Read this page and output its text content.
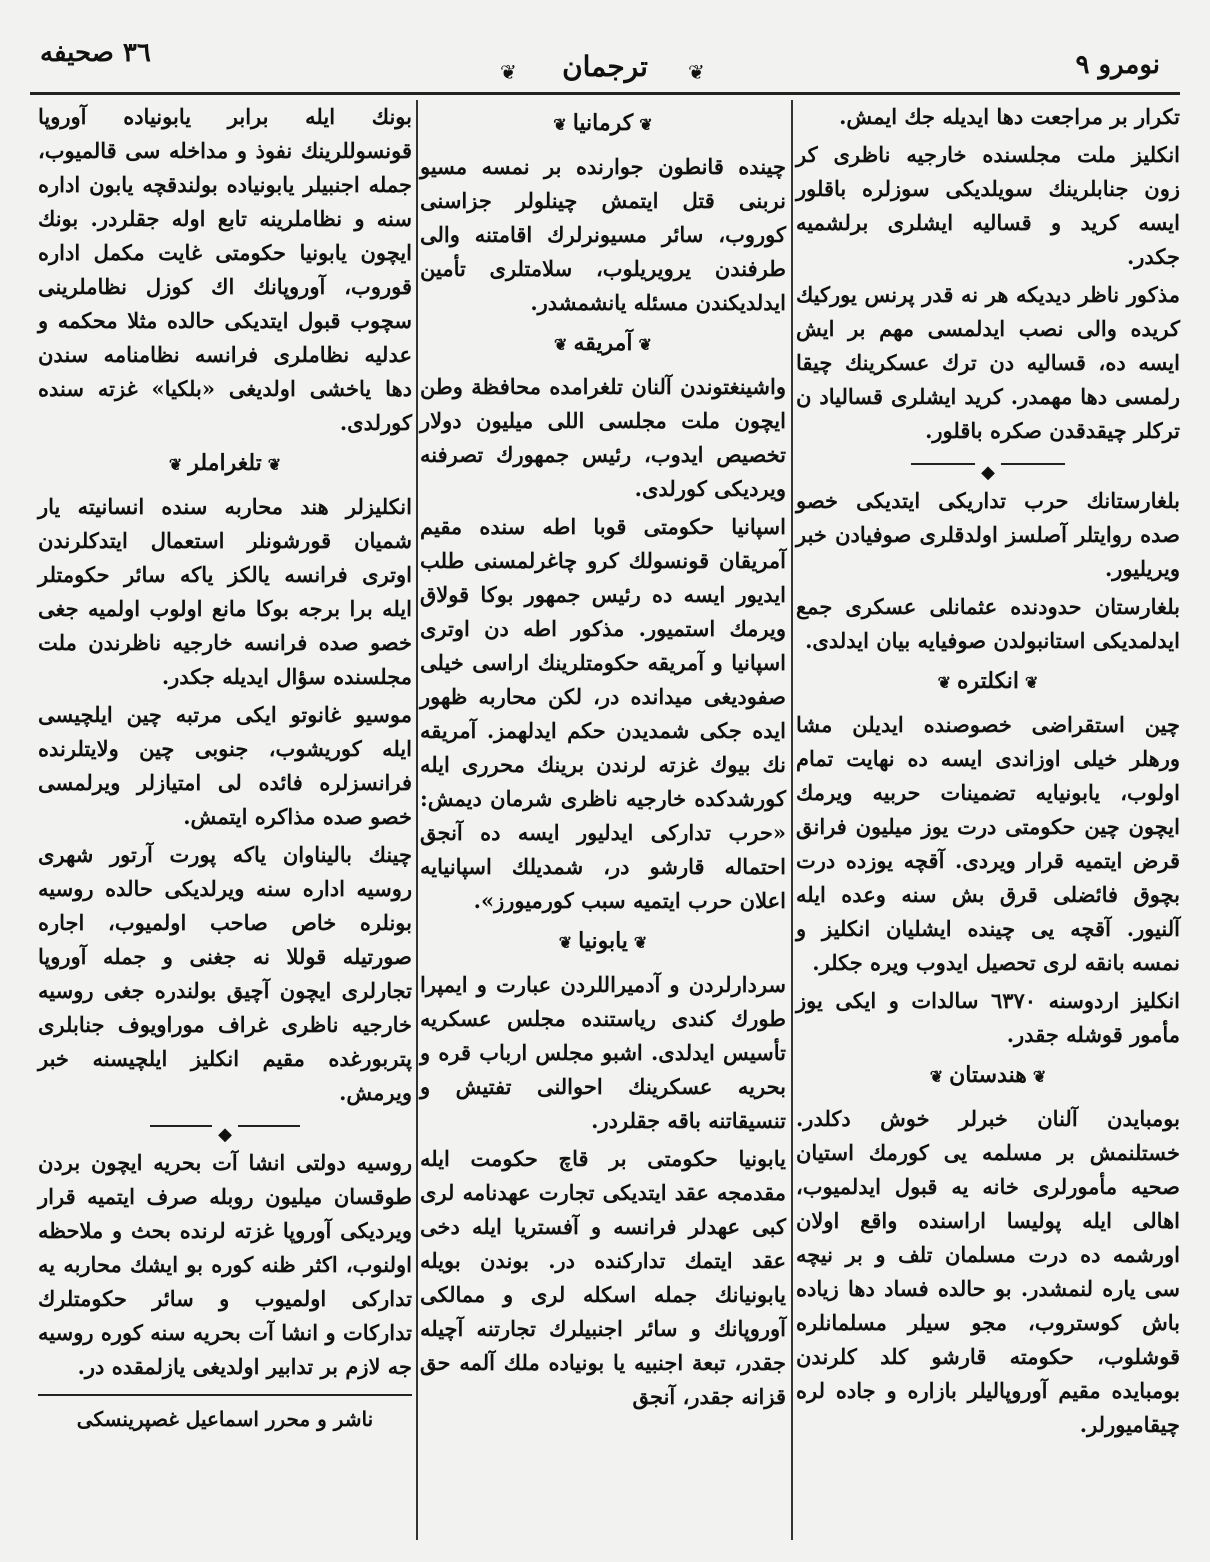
٣٦ صحيفه
❦	ترجمان	❦	نومرو ٩

تكرار بر مراجعت دها ايديله جك ايمش.

انكليز ملت مجلسنده خارجيه ناظرى كر زون جنابلرينك سويلديكى سوزلره باقلور ايسه كريد و قساليه ايشلرى برلشميه جكدر.

مذكور ناظر ديديكه هر نه قدر پرنس يوركيك كريده والى نصب ايدلمسى مهم بر ايش ايسه ده، قساليه دن ترك عسكرينك چيقا رلمسى دها مهمدر. كريد ايشلرى قسالياد ن تركلر چيقدقدن صكره باقلور.

◆

بلغارستانك حرب تداريكى ايتديكى خصو صده روايتلر آصلسز اولدقلرى صوفيادن خبر ويريليور.

بلغارستان حدودنده عثمانلى عسكرى جمع ايدلمديكى استانبولدن صوفيايه بيان ايدلدى.

❦انكلتره❦

چين استقراضى خصوصنده ايديلن مشا ورهلر خيلى اوزاندى ايسه ده نهايت تمام اولوب، يابونيايه تضمينات حربيه ويرمك ايچون چين حكومتى درت يوز ميليون فرانق قرض ايتميه قرار ويردى. آقچه يوزده درت بچوق فائضلى قرق بش سنه وعده ايله آلنيور. آقچه يى چينده ايشليان انكليز و نمسه بانقه لرى تحصيل ايدوب ويره جكلر.

انكليز اردوسنه ٦٣٧٠ سالدات و ايكى يوز مأمور قوشله جقدر.

❦هندستان❦

بومبايدن آلنان خبرلر خوش دكلدر. خستلنمش بر مسلمه يى كورمك استيان صحيه مأمورلرى خانه يه قبول ايدلميوب، اهالى ايله پوليسا اراسنده واقع اولان اورشمه ده درت مسلمان تلف و بر نيچه سى ياره لنمشدر. بو حالده فساد دها زياده باش كوستروب، مجو سيلر مسلمانلره قوشلوب، حكومته قارشو كلد كلرندن بومبايده مقيم آوروپاليلر بازاره و جاده لره چيقاميورلر.

❦كرمانيا❦

چينده قانطون جوارنده بر نمسه مسيو نربنى قتل ايتمش چينلولر جزاسنى كوروب، سائر مسيونرلرك اقامتنه والى طرفندن يرويريلوب، سلامتلرى تأمين ايدلديكندن مسئله يانشمشدر.

❦آمريقه❦

واشينغتوندن آلنان تلغرامده محافظة وطن ايچون ملت مجلسى اللى ميليون دولار تخصيص ايدوب، رئيس جمهورك تصرفنه ويرديكى كورلدى.

اسپانيا حكومتى قوبا اطه سنده مقيم آمريقان قونسولك كرو چاغرلمسنى طلب ايديور ايسه ده رئيس جمهور بوكا قولاق ويرمك استميور. مذكور اطه دن اوترى اسپانيا و آمريقه حكومتلرينك اراسى خيلى صفوديغى ميدانده در، لكن محاربه ظهور ايده جكى شمديدن حكم ايدلهمز. آمريقه نك بيوك غزته لرندن برينك محررى ايله كورشدكده خارجيه ناظرى شرمان ديمش: «حرب تداركى ايدليور ايسه ده آنجق احتماله قارشو در، شمديلك اسپانيايه اعلان حرب ايتميه سبب كورميورز».

❦يابونيا❦

سردارلردن و آدميراللردن عبارت و ايمپرا طورك كندى رياستنده مجلس عسكريه تأسيس ايدلدى. اشبو مجلس ارباب قره و بحريه عسكرينك احوالنى تفتيش و تنسيقاتنه باقه جقلردر.

يابونيا حكومتى بر قاچ حكومت ايله مقدمجه عقد ايتديكى تجارت عهدنامه لرى كبى عهدلر فرانسه و آفستريا ايله دخى عقد ايتمك تداركنده در. بوندن بويله يابونيانك جمله اسكله لرى و ممالكى آوروپانك و سائر اجنبيلرك تجارتنه آچيله جقدر، تبعة اجنبيه يا بونياده ملك آلمه حق قزانه جقدر، آنجق

بونك ايله برابر يابونياده آوروپا قونسوللرينك نفوذ و مداخله سى قالميوب، جمله اجنبيلر يابونياده بولندقچه يابون اداره سنه و نظاملرينه تابع اوله جقلردر. بونك ايچون يابونيا حكومتى غايت مكمل اداره قوروب، آوروپانك اك كوزل نظاملرينى سچوب قبول ايتديكى حالده مثلا محكمه و عدليه نظاملرى فرانسه نظامنامه سندن دها ياخشى اولديغى «بلكيا» غزته سنده كورلدى.

❦تلغراملر❦

انكليزلر هند محاربه سنده انسانيته يار شميان قورشونلر استعمال ايتدكلرندن اوترى فرانسه يالكز ياكه سائر حكومتلر ايله برا برجه بوكا مانع اولوب اولميه جغى خصو صده فرانسه خارجيه ناظرندن ملت مجلسنده سؤال ايديله جكدر.

موسيو غانوتو ايكى مرتبه چين ايلچيسى ايله كوريشوب، جنوبى چين ولايتلرنده فرانسزلره فائده لى امتيازلر ويرلمسى خصو صده مذاكره ايتمش.

چينك باليناوان ياكه پورت آرتور شهرى روسيه اداره سنه ويرلديكى حالده روسيه بونلره خاص صاحب اولميوب، اجاره صورتيله قوللا نه جغنى و جمله آوروپا تجارلرى ايچون آچيق بولندره جغى روسيه خارجيه ناظرى غراف موراويوف جنابلرى پتربورغده مقيم انكليز ايلچيسنه خبر ويرمش.

◆

روسيه دولتى انشا آت بحريه ايچون بردن طوقسان ميليون روبله صرف ايتميه قرار ويرديكى آوروپا غزته لرنده بحث و ملاحظه اولنوب، اكثر ظنه كوره بو ايشك محاربه يه تداركى اولميوب و سائر حكومتلرك تداركات و انشا آت بحريه سنه كوره روسيه جه لازم بر تدابير اولديغى يازلمقده در.

ناشر و محرر اسماعيل غصپرينسكى
